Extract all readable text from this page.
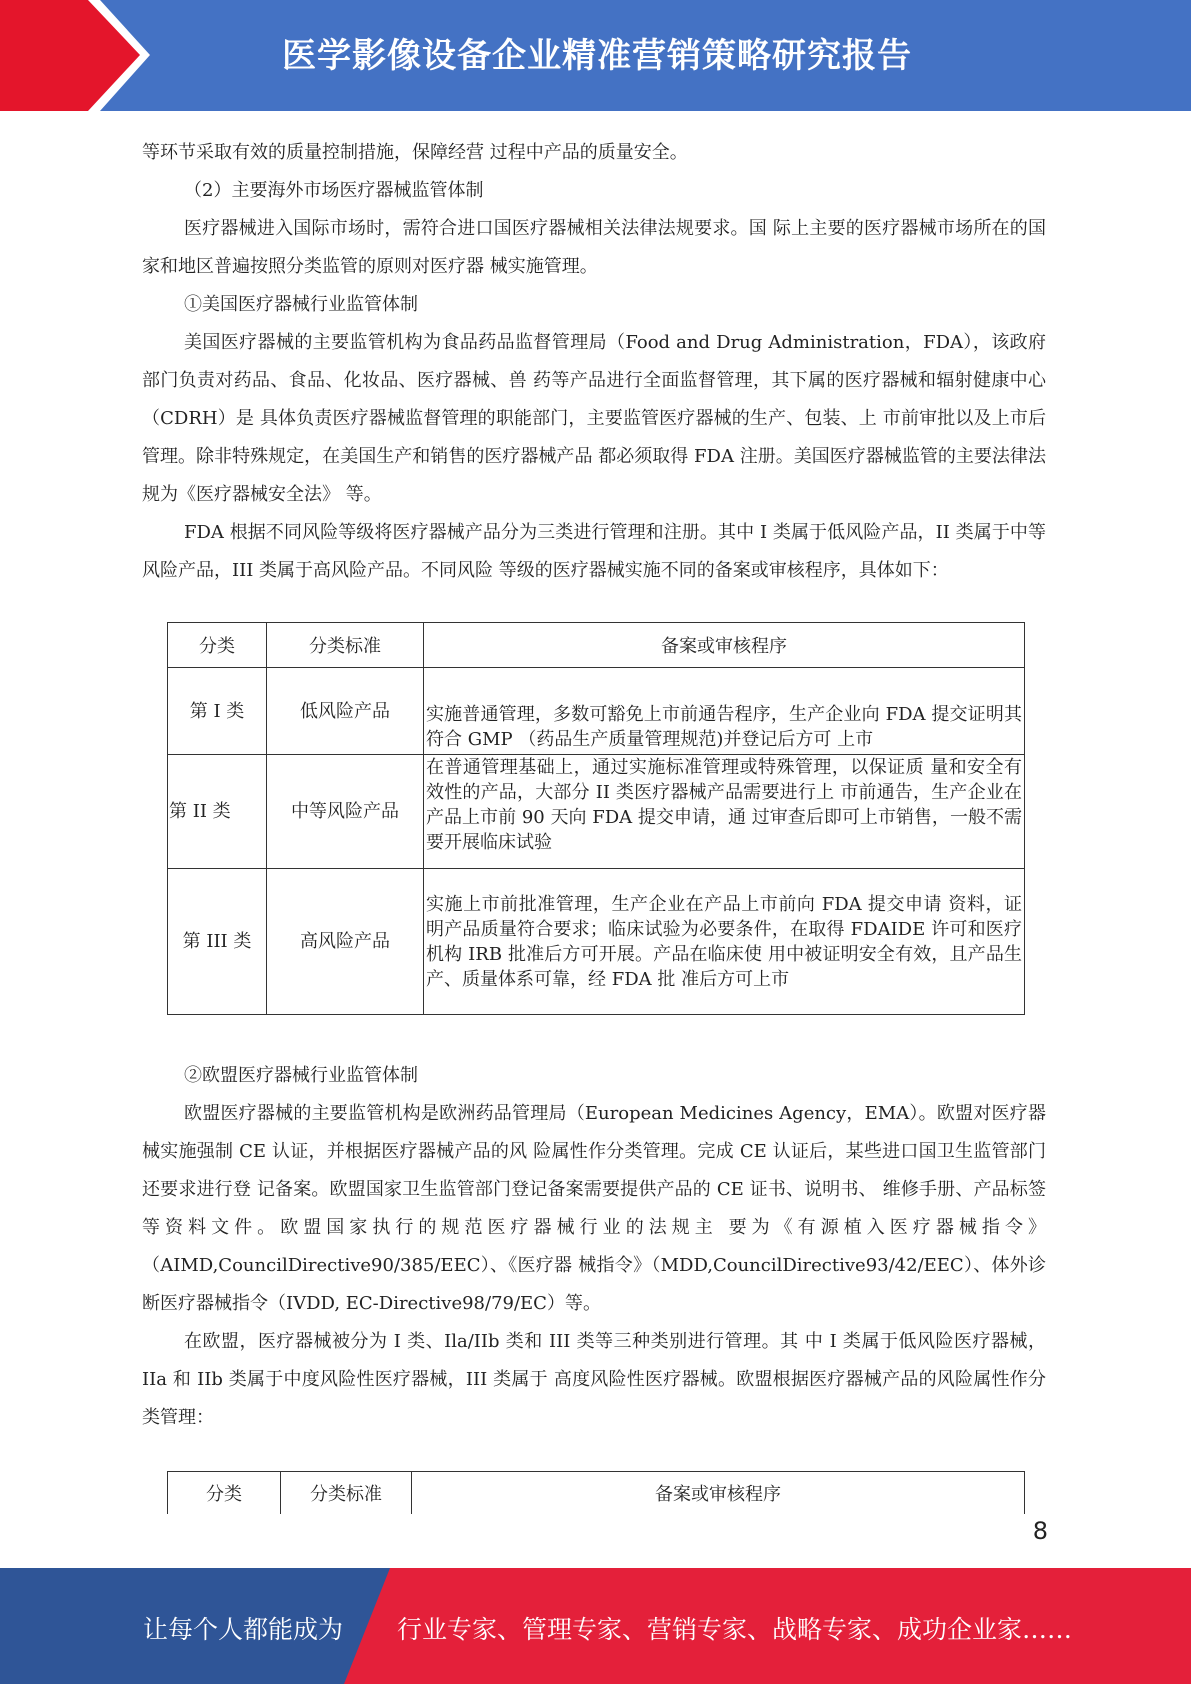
医学影像设备企业精准营销策略研究报告

等环节采取有效的质量控制措施，保障经营 过程中产品的质量安全。

（2）主要海外市场医疗器械监管体制

医疗器械进入国际市场时，需符合进口国医疗器械相关法律法规要求。国 际上主要的医疗器械市场所在的国家和地区普遍按照分类监管的原则对医疗器 械实施管理。

①美国医疗器械行业监管体制

美国医疗器械的主要监管机构为食品药品监督管理局（Food and Drug Administration，FDA），该政府部门负责对药品、食品、化妆品、医疗器械、兽 药等产品进行全面监督管理，其下属的医疗器械和辐射健康中心（CDRH）是 具体负责医疗器械监督管理的职能部门，主要监管医疗器械的生产、包装、上 市前审批以及上市后管理。除非特殊规定，在美国生产和销售的医疗器械产品 都必须取得 FDA 注册。美国医疗器械监管的主要法律法规为《医疗器械安全法》 等。

FDA 根据不同风险等级将医疗器械产品分为三类进行管理和注册。其中 I 类属于低风险产品，II 类属于中等风险产品，III 类属于高风险产品。不同风险 等级的医疗器械实施不同的备案或审核程序，具体如下：

分类	分类标准	备案或审核程序
第 I 类	低风险产品	实施普通管理，多数可豁免上市前通告程序，生产企业向 FDA 提交证明其符合 GMP （药品生产质量管理规范)并登记后方可 上市
第 II 类	中等风险产品	在普通管理基础上，通过实施标准管理或特殊管理，以保证质 量和安全有效性的产品，大部分 II 类医疗器械产品需要进行上 市前通告，生产企业在产品上市前 90 天向 FDA 提交申请，通 过审查后即可上市销售，一般不需要开展临床试验
第 III 类	高风险产品	实施上市前批准管理，生产企业在产品上市前向 FDA 提交申请 资料，证明产品质量符合要求；临床试验为必要条件，在取得 FDAIDE 许可和医疗机构 IRB 批准后方可开展。产品在临床使 用中被证明安全有效，且产品生产、质量体系可靠，经 FDA 批 准后方可上市

②欧盟医疗器械行业监管体制

欧盟医疗器械的主要监管机构是欧洲药品管理局（European Medicines Agency，EMA）。欧盟对医疗器械实施强制 CE 认证，并根据医疗器械产品的风 险属性作分类管理。完成 CE 认证后，某些进口国卫生监管部门还要求进行登 记备案。欧盟国家卫生监管部门登记备案需要提供产品的 CE 证书、说明书、 维修手册、产品标签等资料文件。欧盟国家执行的规范医疗器械行业的法规主 要为《有源植入医疗器械指令》（AIMD,CouncilDirective90/385/EEC）、《医疗器 械指令》（MDD,CouncilDirective93/42/EEC）、体外诊断医疗器械指令（IVDD, EC-Directive98/79/EC）等。

在欧盟，医疗器械被分为 I 类、Ila/IIb 类和 III 类等三种类别进行管理。其 中 I 类属于低风险医疗器械，IIa 和 IIb 类属于中度风险性医疗器械，III 类属于 高度风险性医疗器械。欧盟根据医疗器械产品的风险属性作分类管理：

分类	分类标准	备案或审核程序
8
让每个人都能成为 行业专家、管理专家、营销专家、战略专家、成功企业家……
